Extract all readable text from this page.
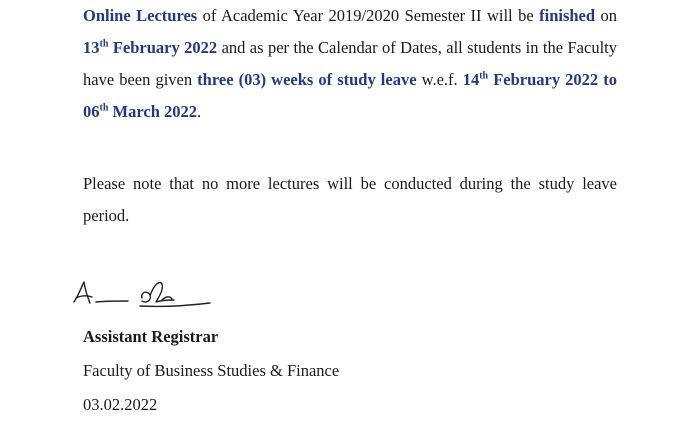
Online Lectures of Academic Year 2019/2020 Semester II will be finished on 13th February 2022 and as per the Calendar of Dates, all students in the Faculty have been given three (03) weeks of study leave w.e.f. 14th February 2022 to 06th March 2022.

Please note that no more lectures will be conducted during the study leave period.

Assistant Registrar
Faculty of Business Studies & Finance
03.02.2022
